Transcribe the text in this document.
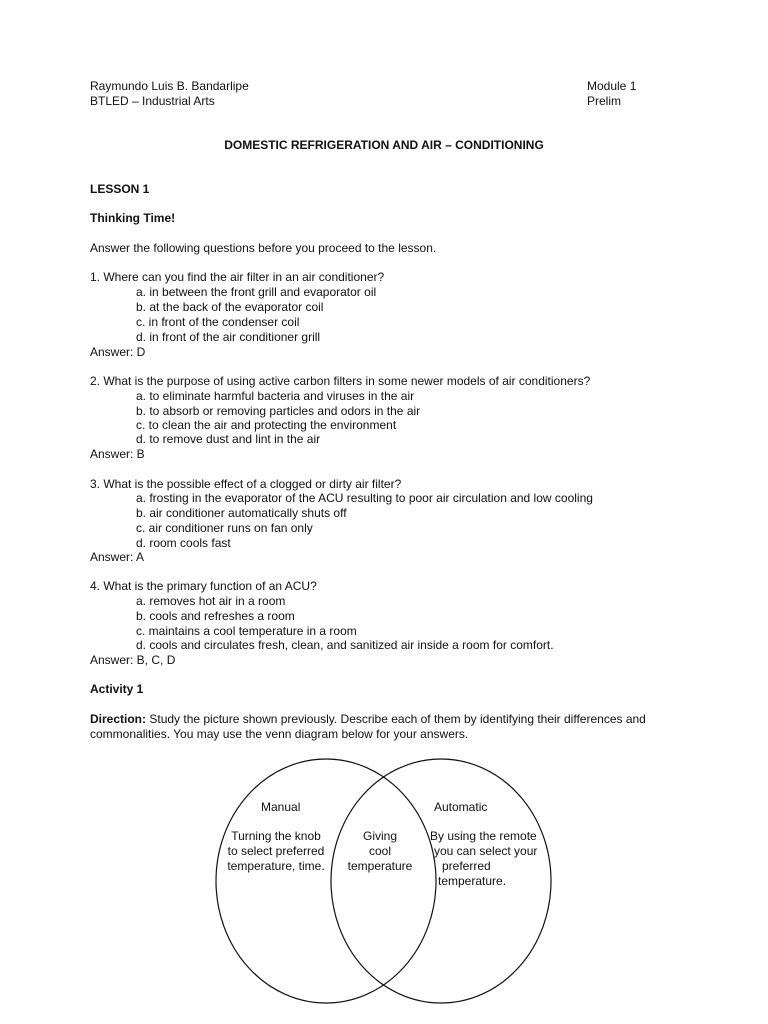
Raymundo Luis B. Bandarlipe
BTLED – Industrial Arts
Module 1
Prelim
DOMESTIC REFRIGERATION AND AIR – CONDITIONING
LESSON 1
Thinking Time!
Answer the following questions before you proceed to the lesson.
1. Where can you find the air filter in an air conditioner?
a. in between the front grill and evaporator oil
b. at the back of the evaporator coil
c. in front of the condenser coil
d. in front of the air conditioner grill
Answer: D
2. What is the purpose of using active carbon filters in some newer models of air conditioners?
a. to eliminate harmful bacteria and viruses in the air
b. to absorb or removing particles and odors in the air
c. to clean the air and protecting the environment
d. to remove dust and lint in the air
Answer: B
3. What is the possible effect of a clogged or dirty air filter?
a. frosting in the evaporator of the ACU resulting to poor air circulation and low cooling
b. air conditioner automatically shuts off
c. air conditioner runs on fan only
d. room cools fast
Answer: A
4. What is the primary function of an ACU?
a. removes hot air in a room
b. cools and refreshes a room
c. maintains a cool temperature in a room
d. cools and circulates fresh, clean, and sanitized air inside a room for comfort.
Answer: B, C, D
Activity 1
Direction: Study the picture shown previously. Describe each of them by identifying their differences and
commonalities. You may use the venn diagram below for your answers.
Manual	Automatic
Turning the knob
to select preferred
temperature, time.
Giving
cool
temperature
By using the remote
you can select your
preferred
temperature.
